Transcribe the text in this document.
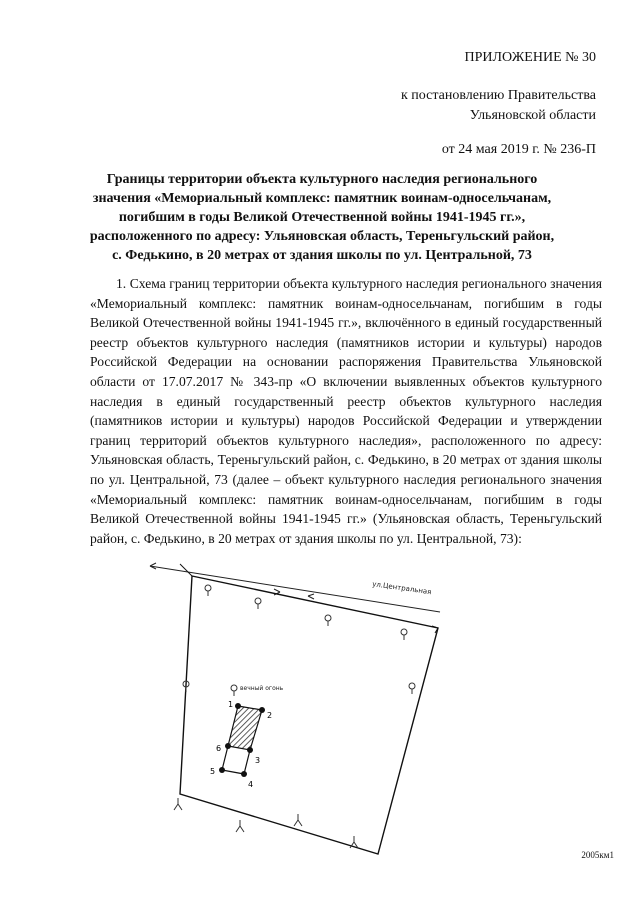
ПРИЛОЖЕНИЕ № 30
к постановлению Правительства
Ульяновской области
от 24 мая 2019 г. № 236-П
Границы территории объекта культурного наследия регионального
значения «Мемориальный комплекс: памятник воинам-односельчанам,
погибшим в годы Великой Отечественной войны 1941-1945 гг.»,
расположенного по адресу: Ульяновская область, Тереньгульский район,
с. Федькино, в 20 метрах от здания школы по ул. Центральной, 73

1. Схема границ территории объекта культурного наследия регионального значения «Мемориальный комплекс: памятник воинам-односельчанам, погибшим в годы Великой Отечественной войны 1941-1945 гг.», включённого в единый государственный реестр объектов культурного наследия (памятников истории и культуры) народов Российской Федерации на основании распоряжения Правительства Ульяновской области от 17.07.2017 № 343-пр «О включении выявленных объектов культурного наследия в единый государственный реестр объектов культурного наследия (памятников истории и культуры) народов Российской Федерации и утверждении границ территорий объектов культурного наследия», расположенного по адресу: Ульяновская область, Тереньгульский район, с. Федькино, в 20 метрах от здания школы по ул. Центральной, 73 (далее – объект культурного наследия регионального значения «Мемориальный комплекс: памятник воинам-односельчанам, погибшим в годы Великой Отечественной войны 1941-1945 гг.» (Ульяновская область, Тереньгульский район, с. Федькино, в 20 метрах от здания школы по ул. Центральной, 73):

ул.Центральная
вечный огонь
1
2
3
4
5
6
2005км1
